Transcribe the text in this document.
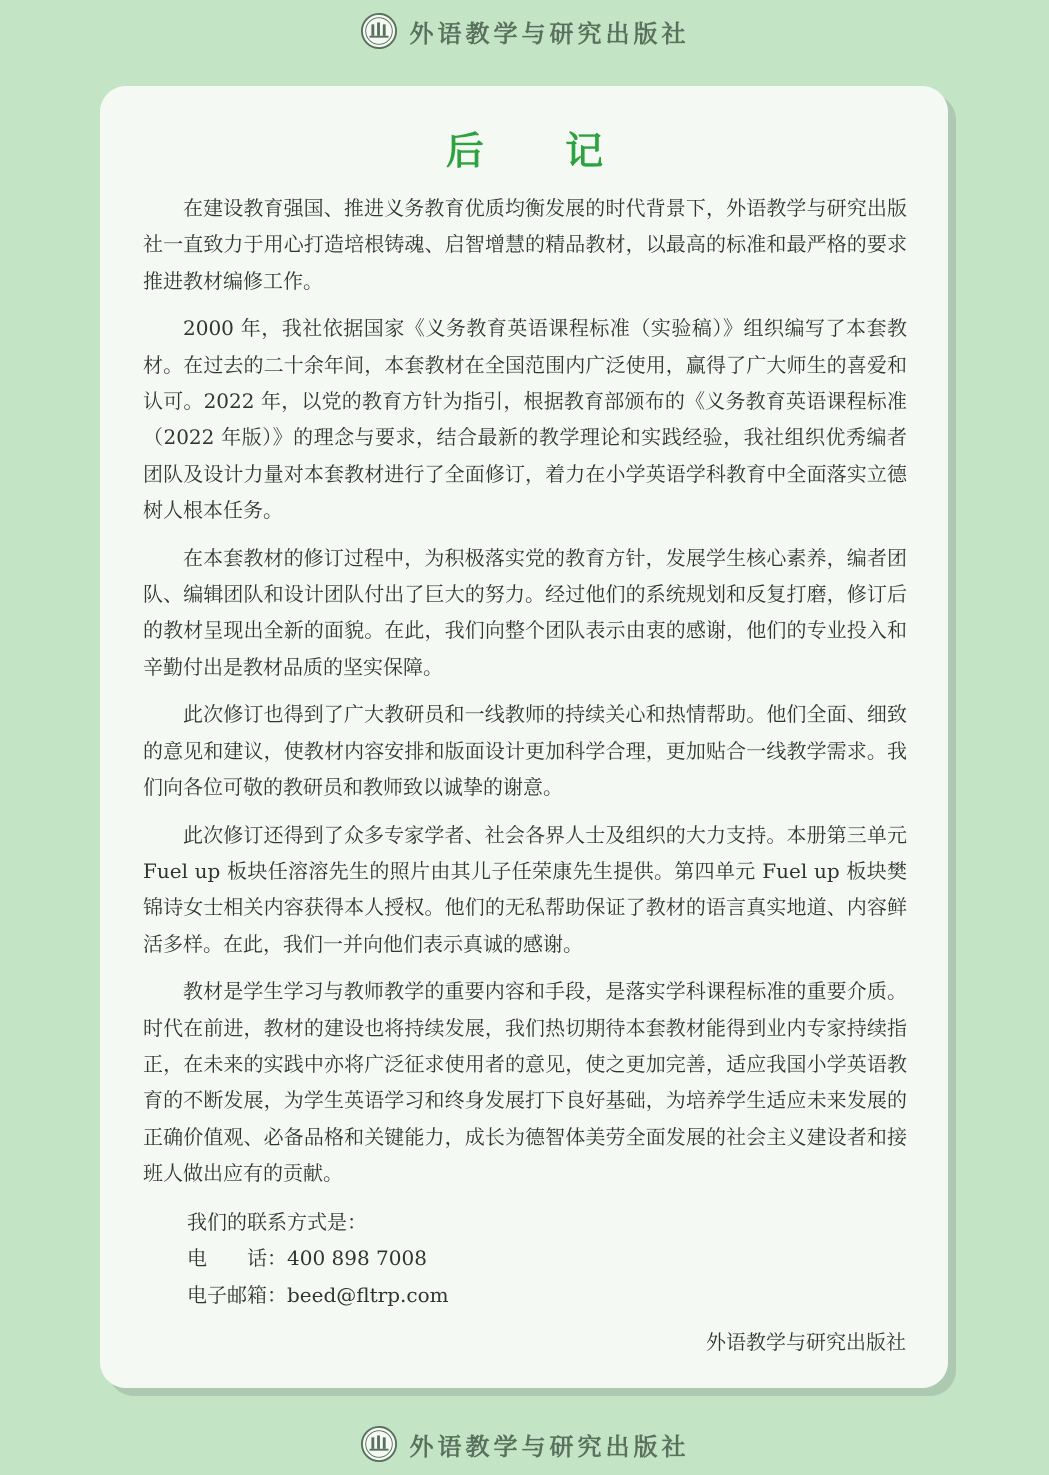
外语教学与研究出版社
后 记

在建设教育强国、推进义务教育优质均衡发展的时代背景下，外语教学与研究出版社一直致力于用心打造培根铸魂、启智增慧的精品教材，以最高的标准和最严格的要求推进教材编修工作。

2000 年，我社依据国家《义务教育英语课程标准（实验稿）》组织编写了本套教材。在过去的二十余年间，本套教材在全国范围内广泛使用，赢得了广大师生的喜爱和认可。2022 年，以党的教育方针为指引，根据教育部颁布的《义务教育英语课程标准（2022 年版）》的理念与要求，结合最新的教学理论和实践经验，我社组织优秀编者团队及设计力量对本套教材进行了全面修订，着力在小学英语学科教育中全面落实立德树人根本任务。

在本套教材的修订过程中，为积极落实党的教育方针，发展学生核心素养，编者团队、编辑团队和设计团队付出了巨大的努力。经过他们的系统规划和反复打磨，修订后的教材呈现出全新的面貌。在此，我们向整个团队表示由衷的感谢，他们的专业投入和辛勤付出是教材品质的坚实保障。

此次修订也得到了广大教研员和一线教师的持续关心和热情帮助。他们全面、细致的意见和建议，使教材内容安排和版面设计更加科学合理，更加贴合一线教学需求。我们向各位可敬的教研员和教师致以诚挚的谢意。

此次修订还得到了众多专家学者、社会各界人士及组织的大力支持。本册第三单元 Fuel up 板块任溶溶先生的照片由其儿子任荣康先生提供。第四单元 Fuel up 板块樊锦诗女士相关内容获得本人授权。他们的无私帮助保证了教材的语言真实地道、内容鲜活多样。在此，我们一并向他们表示真诚的感谢。

教材是学生学习与教师教学的重要内容和手段，是落实学科课程标准的重要介质。时代在前进，教材的建设也将持续发展，我们热切期待本套教材能得到业内专家持续指正，在未来的实践中亦将广泛征求使用者的意见，使之更加完善，适应我国小学英语教育的不断发展，为学生英语学习和终身发展打下良好基础，为培养学生适应未来发展的正确价值观、必备品格和关键能力，成长为德智体美劳全面发展的社会主义建设者和接班人做出应有的贡献。

我们的联系方式是：
电　　话：400 898 7008
电子邮箱：beed@fltrp.com
外语教学与研究出版社
外语教学与研究出版社
